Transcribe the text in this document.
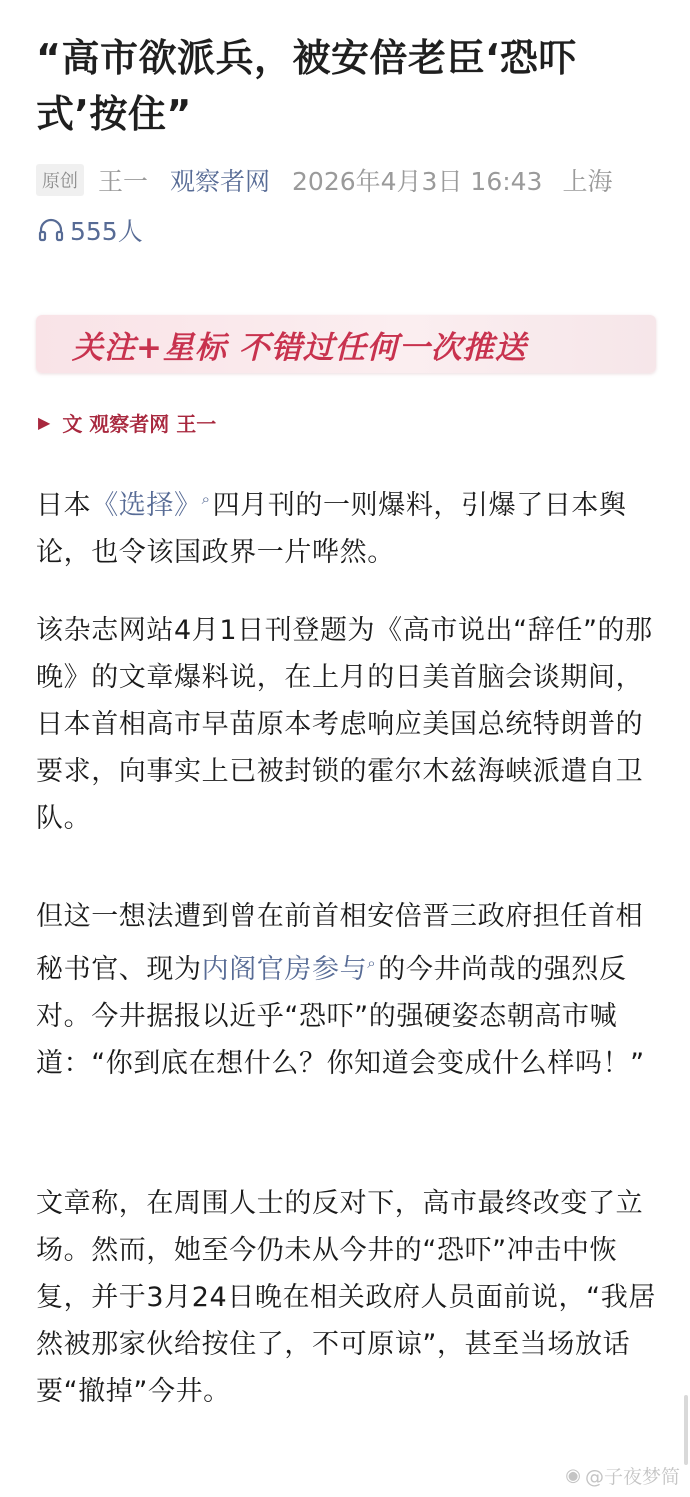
“高市欲派兵，被安倍老臣‘恐吓式’按住”
原创 王一 观察者网 2026年4月3日 16:43 上海
555人
关注+星标 不错过任何一次推送
▶ 文 观察者网 王一
日本《选择》⌕四月刊的一则爆料，引爆了日本舆论，也令该国政界一片哗然。
该杂志网站4月1日刊登题为《高市说出“辞任”的那晚》的文章爆料说，在上月的日美首脑会谈期间，日本首相高市早苗原本考虑响应美国总统特朗普的要求，向事实上已被封锁的霍尔木兹海峡派遣自卫队。
但这一想法遭到曾在前首相安倍晋三政府担任首相秘书官、现为内阁官房参与⌕的今井尚哉的强烈反对。今井据报以近乎“恐吓”的强硬姿态朝高市喊道：“你到底在想什么？你知道会变成什么样吗！”
文章称，在周围人士的反对下，高市最终改变了立场。然而，她至今仍未从今井的“恐吓”冲击中恢复，并于3月24日晚在相关政府人员面前说，“我居然被那家伙给按住了，不可原谅”，甚至当场放话要“撤掉”今井。
◉ @子夜梦简
